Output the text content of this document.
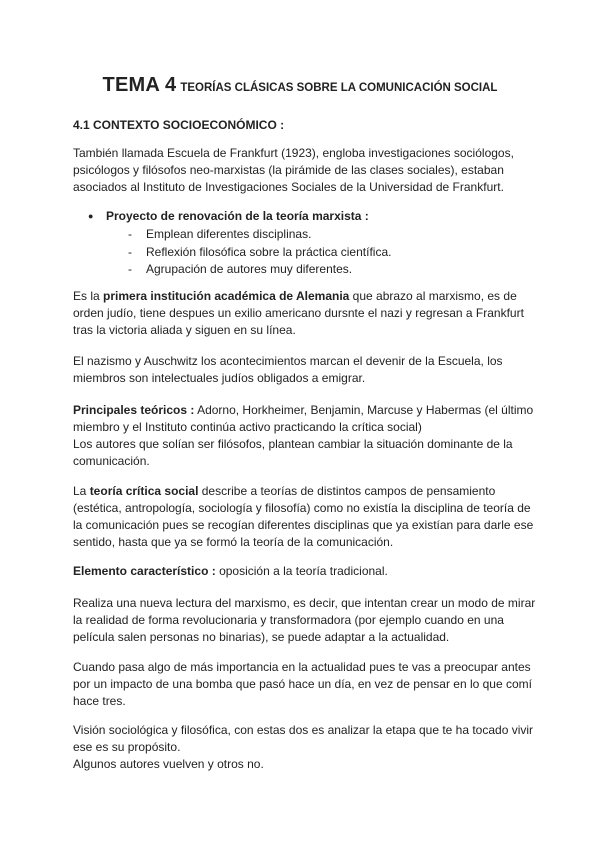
TEMA 4 TEORÍAS CLÁSICAS SOBRE LA COMUNICACIÓN SOCIAL
4.1 CONTEXTO SOCIOECONÓMICO :
También llamada Escuela de Frankfurt (1923), engloba investigaciones sociólogos, psicólogos y filósofos neo-marxistas (la pirámide de las clases sociales), estaban asociados al Instituto de Investigaciones Sociales de la Universidad de Frankfurt.
● Proyecto de renovación de la teoría marxista :
- Emplean diferentes disciplinas.
- Reflexión filosófica sobre la práctica científica.
- Agrupación de autores muy diferentes.
Es la primera institución académica de Alemania que abrazo al marxismo, es de orden judío, tiene despues un exilio americano dursnte el nazi y regresan a Frankfurt tras la victoria aliada y siguen en su línea.
El nazismo y Auschwitz los acontecimientos marcan el devenir de la Escuela, los miembros son intelectuales judíos obligados a emigrar.
Principales teóricos : Adorno, Horkheimer, Benjamin, Marcuse y Habermas (el último miembro y el Instituto continúa activo practicando la crítica social)
Los autores que solían ser filósofos, plantean cambiar la situación dominante de la comunicación.
La teoría crítica social describe a teorías de distintos campos de pensamiento (estética, antropología, sociología y filosofía) como no existía la disciplina de teoría de la comunicación pues se recogían diferentes disciplinas que ya existían para darle ese sentido, hasta que ya se formó la teoría de la comunicación.
Elemento característico : oposición a la teoría tradicional.
Realiza una nueva lectura del marxismo, es decir, que intentan crear un modo de mirar la realidad de forma revolucionaria y transformadora (por ejemplo cuando en una película salen personas no binarias), se puede adaptar a la actualidad.
Cuando pasa algo de más importancia en la actualidad pues te vas a preocupar antes por un impacto de una bomba que pasó hace un día, en vez de pensar en lo que comí hace tres.
Visión sociológica y filosófica, con estas dos es analizar la etapa que te ha tocado vivir ese es su propósito.
Algunos autores vuelven y otros no.
